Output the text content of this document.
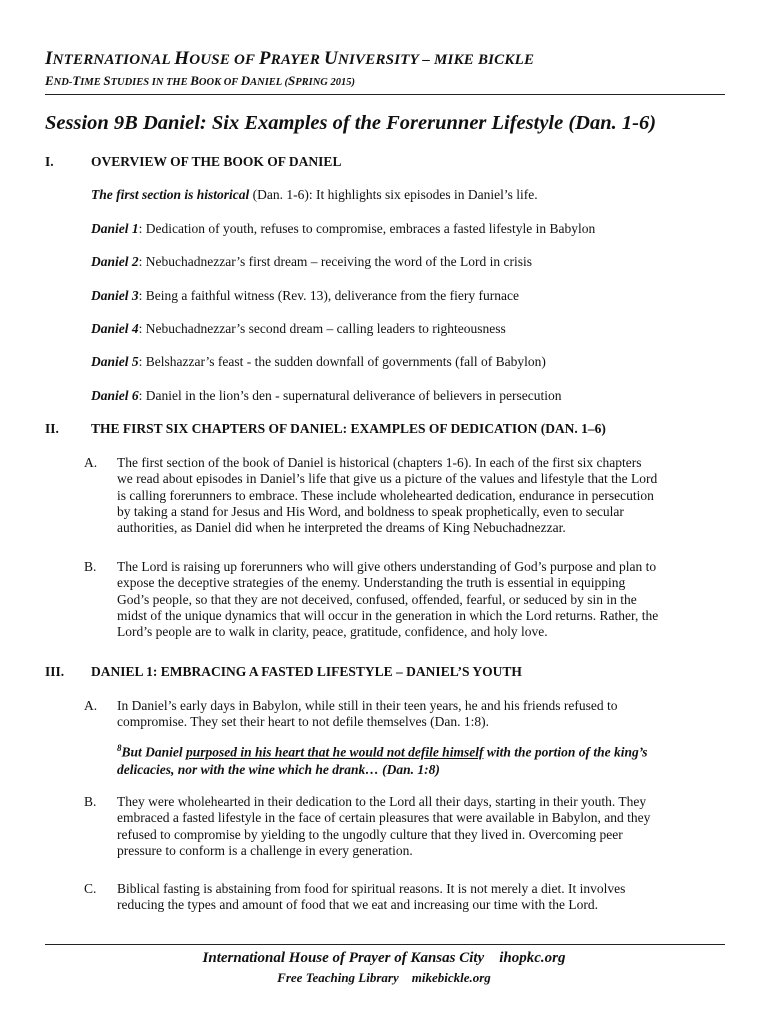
INTERNATIONAL HOUSE OF PRAYER UNIVERSITY – MIKE BICKLE
END-TIME STUDIES IN THE BOOK OF DANIEL (SPRING 2015)
Session 9B Daniel: Six Examples of the Forerunner Lifestyle (Dan. 1-6)
I.	OVERVIEW OF THE BOOK OF DANIEL
The first section is historical (Dan. 1-6): It highlights six episodes in Daniel’s life.
Daniel 1: Dedication of youth, refuses to compromise, embraces a fasted lifestyle in Babylon
Daniel 2: Nebuchadnezzar’s first dream – receiving the word of the Lord in crisis
Daniel 3: Being a faithful witness (Rev. 13), deliverance from the fiery furnace
Daniel 4: Nebuchadnezzar’s second dream – calling leaders to righteousness
Daniel 5: Belshazzar’s feast - the sudden downfall of governments (fall of Babylon)
Daniel 6: Daniel in the lion’s den - supernatural deliverance of believers in persecution
II. THE FIRST SIX CHAPTERS OF DANIEL: EXAMPLES OF DEDICATION (DAN. 1–6)
A. The first section of the book of Daniel is historical (chapters 1-6). In each of the first six chapters
we read about episodes in Daniel’s life that give us a picture of the values and lifestyle that the Lord
is calling forerunners to embrace. These include wholehearted dedication, endurance in persecution
by taking a stand for Jesus and His Word, and boldness to speak prophetically, even to secular
authorities, as Daniel did when he interpreted the dreams of King Nebuchadnezzar.
B. The Lord is raising up forerunners who will give others understanding of God’s purpose and plan to
expose the deceptive strategies of the enemy. Understanding the truth is essential in equipping
God’s people, so that they are not deceived, confused, offended, fearful, or seduced by sin in the
midst of the unique dynamics that will occur in the generation in which the Lord returns. Rather, the
Lord’s people are to walk in clarity, peace, gratitude, confidence, and holy love.
III. DANIEL 1: EMBRACING A FASTED LIFESTYLE – DANIEL’S YOUTH
A. In Daniel’s early days in Babylon, while still in their teen years, he and his friends refused to
compromise. They set their heart to not defile themselves (Dan. 1:8).
$^8$But Daniel purposed in his heart that he would not defile himself with the portion of the king’s
delicacies, nor with the wine which he drank… (Dan. 1:8)
B. They were wholehearted in their dedication to the Lord all their days, starting in their youth. They
embraced a fasted lifestyle in the face of certain pleasures that were available in Babylon, and they
refused to compromise by yielding to the ungodly culture that they lived in. Overcoming peer
pressure to conform is a challenge in every generation.
C. Biblical fasting is abstaining from food for spiritual reasons. It is not merely a diet. It involves
reducing the types and amount of food that we eat and increasing our time with the Lord.
International House of Prayer of Kansas City    ihopkc.org
Free Teaching Library    mikebickle.org
